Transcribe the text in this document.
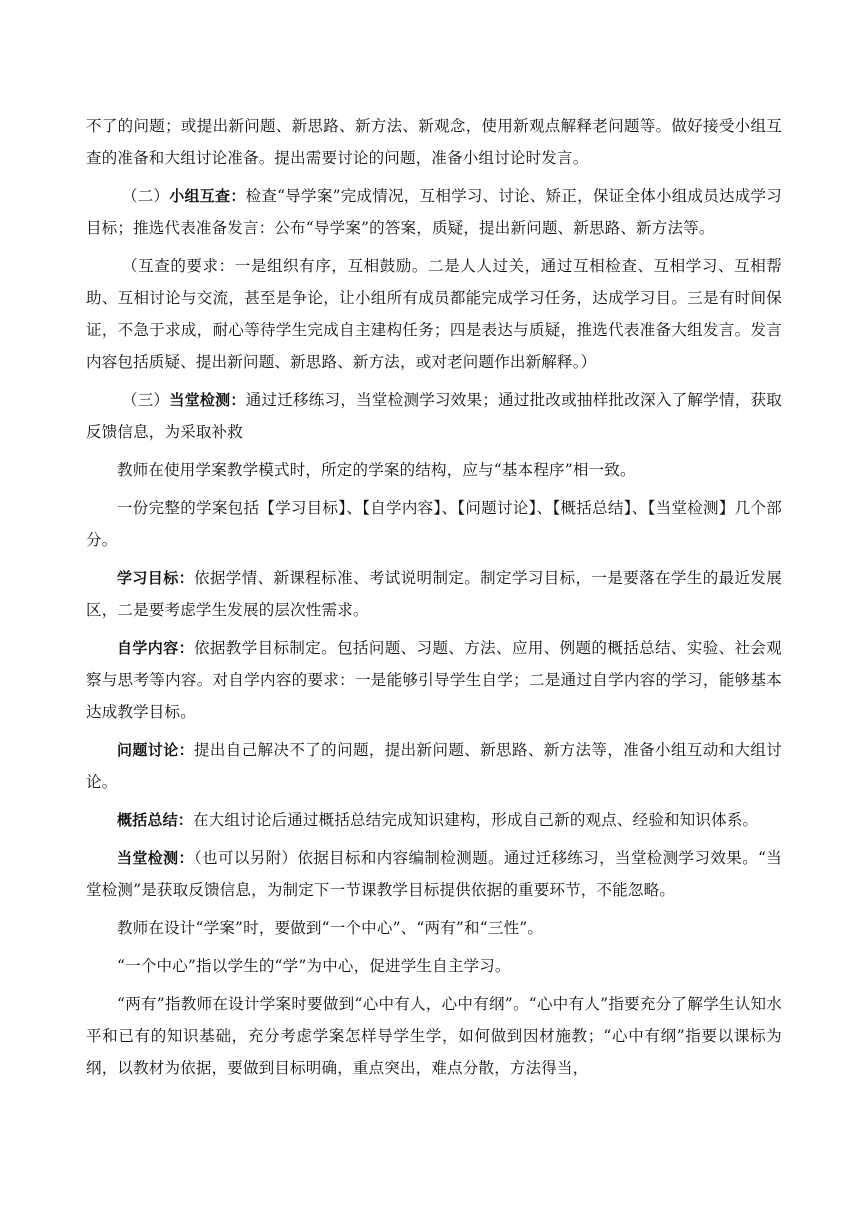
不了的问题；或提出新问题、新思路、新方法、新观念，使用新观点解释老问题等。做好接受小组互查的准备和大组讨论准备。提出需要讨论的问题，准备小组讨论时发言。

（二）小组互查：检查“导学案”完成情况，互相学习、讨论、矫正，保证全体小组成员达成学习目标；推选代表准备发言：公布“导学案”的答案，质疑，提出新问题、新思路、新方法等。

（互查的要求：一是组织有序，互相鼓励。二是人人过关，通过互相检查、互相学习、互相帮助、互相讨论与交流，甚至是争论，让小组所有成员都能完成学习任务，达成学习目。三是有时间保证，不急于求成，耐心等待学生完成自主建构任务；四是表达与质疑，推选代表准备大组发言。发言内容包括质疑、提出新问题、新思路、新方法，或对老问题作出新解释。）

（三）当堂检测：通过迁移练习，当堂检测学习效果；通过批改或抽样批改深入了解学情，获取反馈信息，为采取补救

教师在使用学案教学模式时，所定的学案的结构，应与“基本程序”相一致。

一份完整的学案包括【学习目标】、【自学内容】、【问题讨论】、【概括总结】、【当堂检测】几个部分。

学习目标：依据学情、新课程标准、考试说明制定。制定学习目标，一是要落在学生的最近发展区，二是要考虑学生发展的层次性需求。

自学内容：依据教学目标制定。包括问题、习题、方法、应用、例题的概括总结、实验、社会观察与思考等内容。对自学内容的要求：一是能够引导学生自学；二是通过自学内容的学习，能够基本达成教学目标。

问题讨论：提出自己解决不了的问题，提出新问题、新思路、新方法等，准备小组互动和大组讨论。

概括总结：在大组讨论后通过概括总结完成知识建构，形成自己新的观点、经验和知识体系。

当堂检测：（也可以另附）依据目标和内容编制检测题。通过迁移练习，当堂检测学习效果。“当堂检测”是获取反馈信息，为制定下一节课教学目标提供依据的重要环节，不能忽略。

教师在设计“学案”时，要做到“一个中心”、“两有”和“三性”。

“一个中心”指以学生的“学”为中心，促进学生自主学习。

“两有”指教师在设计学案时要做到“心中有人，心中有纲”。“心中有人”指要充分了解学生认知水平和已有的知识基础，充分考虑学案怎样导学生学，如何做到因材施教；“心中有纲”指要以课标为纲，以教材为依据，要做到目标明确，重点突出，难点分散，方法得当，
